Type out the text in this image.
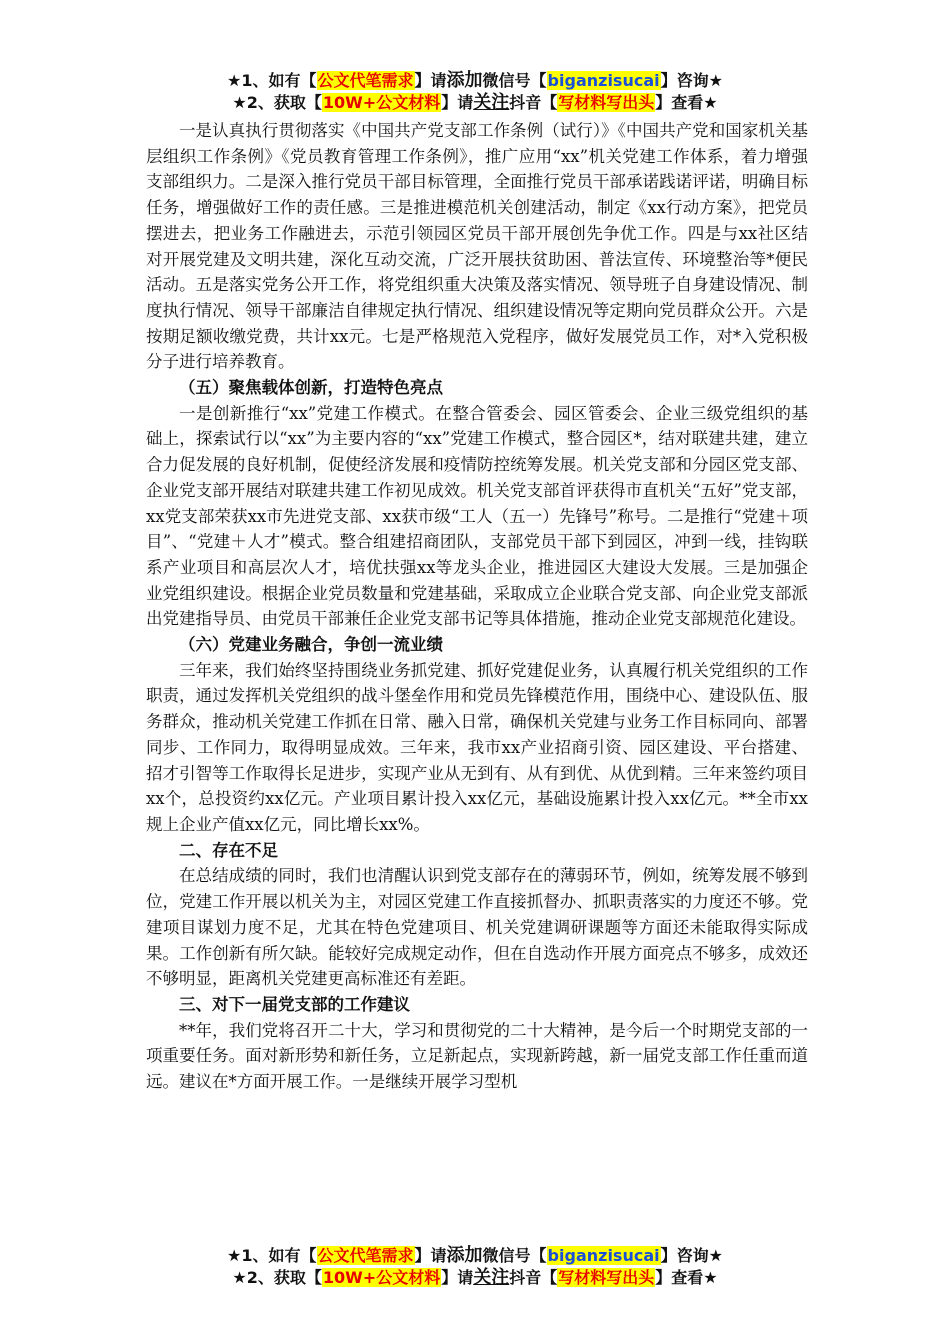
★1、如有【公文代笔需求】请添加微信号【biganzisucai】咨询★
★2、获取【10W+公文材料】请关注抖音【写材料写出头】查看★

一是认真执行贯彻落实《中国共产党支部工作条例（试行）》《中国共产党和国家机关基层组织工作条例》《党员教育管理工作条例》，推广应用“xx”机关党建工作体系，着力增强支部组织力。二是深入推行党员干部目标管理，全面推行党员干部承诺践诺评诺，明确目标任务，增强做好工作的责任感。三是推进模范机关创建活动，制定《xx行动方案》，把党员摆进去，把业务工作融进去，示范引领园区党员干部开展创先争优工作。四是与xx社区结对开展党建及文明共建，深化互动交流，广泛开展扶贫助困、普法宣传、环境整治等*便民活动。五是落实党务公开工作，将党组织重大决策及落实情况、领导班子自身建设情况、制度执行情况、领导干部廉洁自律规定执行情况、组织建设情况等定期向党员群众公开。六是按期足额收缴党费，共计xx元。七是严格规范入党程序，做好发展党员工作，对*入党积极分子进行培养教育。

（五）聚焦载体创新，打造特色亮点

一是创新推行“xx”党建工作模式。在整合管委会、园区管委会、企业三级党组织的基础上，探索试行以“xx”为主要内容的“xx”党建工作模式，整合园区*，结对联建共建，建立合力促发展的良好机制，促使经济发展和疫情防控统筹发展。机关党支部和分园区党支部、企业党支部开展结对联建共建工作初见成效。机关党支部首评获得市直机关“五好”党支部，xx党支部荣获xx市先进党支部、xx获市级“工人（五一）先锋号”称号。二是推行“党建＋项目”、“党建＋人才”模式。整合组建招商团队，支部党员干部下到园区，冲到一线，挂钩联系产业项目和高层次人才，培优扶强xx等龙头企业，推进园区大建设大发展。三是加强企业党组织建设。根据企业党员数量和党建基础，采取成立企业联合党支部、向企业党支部派出党建指导员、由党员干部兼任企业党支部书记等具体措施，推动企业党支部规范化建设。

（六）党建业务融合，争创一流业绩

三年来，我们始终坚持围绕业务抓党建、抓好党建促业务，认真履行机关党组织的工作职责，通过发挥机关党组织的战斗堡垒作用和党员先锋模范作用，围绕中心、建设队伍、服务群众，推动机关党建工作抓在日常、融入日常，确保机关党建与业务工作目标同向、部署同步、工作同力，取得明显成效。三年来，我市xx产业招商引资、园区建设、平台搭建、招才引智等工作取得长足进步，实现产业从无到有、从有到优、从优到精。三年来签约项目xx个，总投资约xx亿元。产业项目累计投入xx亿元，基础设施累计投入xx亿元。**全市xx规上企业产值xx亿元，同比增长xx%。

二、存在不足

在总结成绩的同时，我们也清醒认识到党支部存在的薄弱环节，例如，统筹发展不够到位，党建工作开展以机关为主，对园区党建工作直接抓督办、抓职责落实的力度还不够。党建项目谋划力度不足，尤其在特色党建项目、机关党建调研课题等方面还未能取得实际成果。工作创新有所欠缺。能较好完成规定动作，但在自选动作开展方面亮点不够多，成效还不够明显，距离机关党建更高标准还有差距。

三、对下一届党支部的工作建议

**年，我们党将召开二十大，学习和贯彻党的二十大精神，是今后一个时期党支部的一项重要任务。面对新形势和新任务，立足新起点，实现新跨越，新一届党支部工作任重而道远。建议在*方面开展工作。一是继续开展学习型机

★1、如有【公文代笔需求】请添加微信号【biganzisucai】咨询★
★2、获取【10W+公文材料】请关注抖音【写材料写出头】查看★
